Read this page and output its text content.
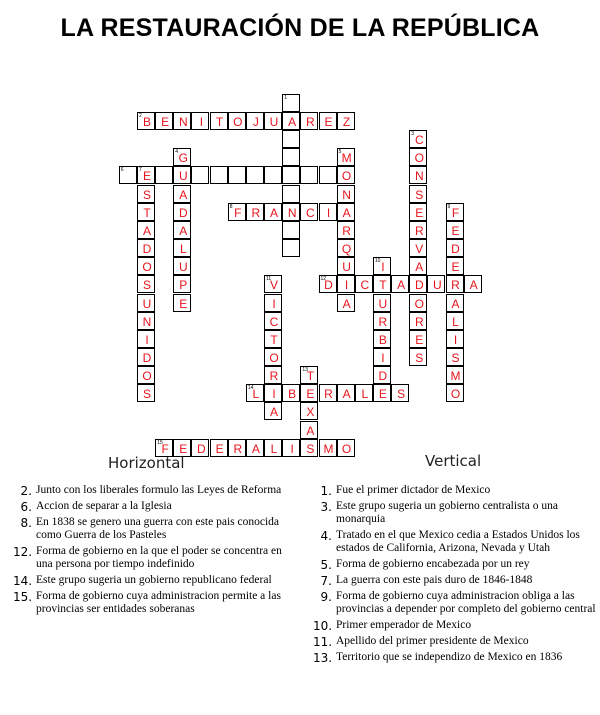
LA RESTAURACIÓN DE LA REPÚBLICA
B
2	E N	I	T O J U A R E Z
6	E
7	U	O
F
8	R A N C	I	A
D
12	I	C T A D U R A
L
14	I	B E R A L E S
F
15	E D E R A L	I	S M O
1
C
3
O
N
S
E
R
V
A
O
R
E
S
G
4
A
D
A
L
U
P
E
M
5
N
R
Q
U
A
S
T
A
D
O
S
U
N
I
D
O
S
F
9
E
D
E
A
L
I
S
M
O
I
10
U
R
B
I
D
V
11
I
C
T
O
R
A
T
13
X
A
Horizontal	Vertical
2. Junto con los liberales formulo las Leyes de Reforma
6. Accion de separar a la Iglesia
8. En 1838 se genero una guerra con este pais conocida como Guerra de los Pasteles
12. Forma de gobierno en la que el poder se concentra en una persona por tiempo indefinido
14. Este grupo sugeria un gobierno republicano federal
15. Forma de gobierno cuya administracion permite a las provincias ser entidades soberanas
1. Fue el primer dictador de Mexico
3. Este grupo sugeria un gobierno centralista o una monarquia
4. Tratado en el que Mexico cedia a Estados Unidos los estados de California, Arizona, Nevada y Utah
5. Forma de gobierno encabezada por un rey
7. La guerra con este pais duro de 1846-1848
9. Forma de gobierno cuya administracion obliga a las provincias a depender por completo del gobierno central
10. Primer emperador de Mexico
11. Apellido del primer presidente de Mexico
13. Territorio que se independizo de Mexico en 1836
